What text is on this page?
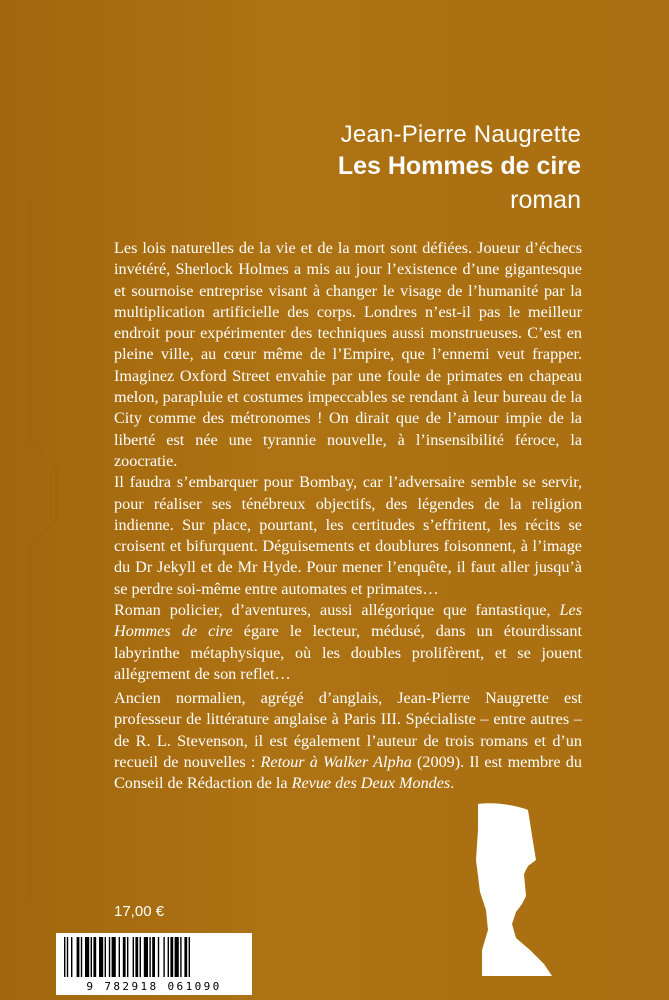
Jean-Pierre Naugrette
Les Hommes de cire
roman

Les lois naturelles de la vie et de la mort sont défiées. Joueur d’échecs invétéré, Sherlock Holmes a mis au jour l’existence d’une gigantesque et sournoise entreprise visant à changer le visage de l’humanité par la multiplication artificielle des corps. Londres n’est-il pas le meilleur endroit pour expérimenter des techniques aussi monstrueuses. C’est en pleine ville, au cœur même de l’Empire, que l’ennemi veut frapper. Imaginez Oxford Street envahie par une foule de primates en chapeau melon, parapluie et costumes impeccables se rendant à leur bureau de la City comme des métronomes ! On dirait que de l’amour impie de la liberté est née une tyrannie nouvelle, à l’insensibilité féroce, la zoocratie.

Il faudra s’embarquer pour Bombay, car l’adversaire semble se servir, pour réaliser ses ténébreux objectifs, des légendes de la religion indienne. Sur place, pourtant, les certitudes s’effritent, les récits se croisent et bifurquent. Déguisements et doublures foisonnent, à l’image du Dr Jekyll et de Mr Hyde. Pour mener l’enquête, il faut aller jusqu’à se perdre soi-même entre automates et primates…

Roman policier, d’aventures, aussi allégorique que fantastique, Les Hommes de cire égare le lecteur, médusé, dans un étourdissant labyrinthe métaphysique, où les doubles prolifèrent, et se jouent allégrement de son reflet…

Ancien normalien, agrégé d’anglais, Jean-Pierre Naugrette est professeur de littérature anglaise à Paris III. Spécialiste – entre autres – de R. L. Stevenson, il est également l’auteur de trois romans et d’un recueil de nouvelles : Retour à Walker Alpha (2009). Il est membre du Conseil de Rédaction de la Revue des Deux Mondes.

17,00 €
9 782918 061090
